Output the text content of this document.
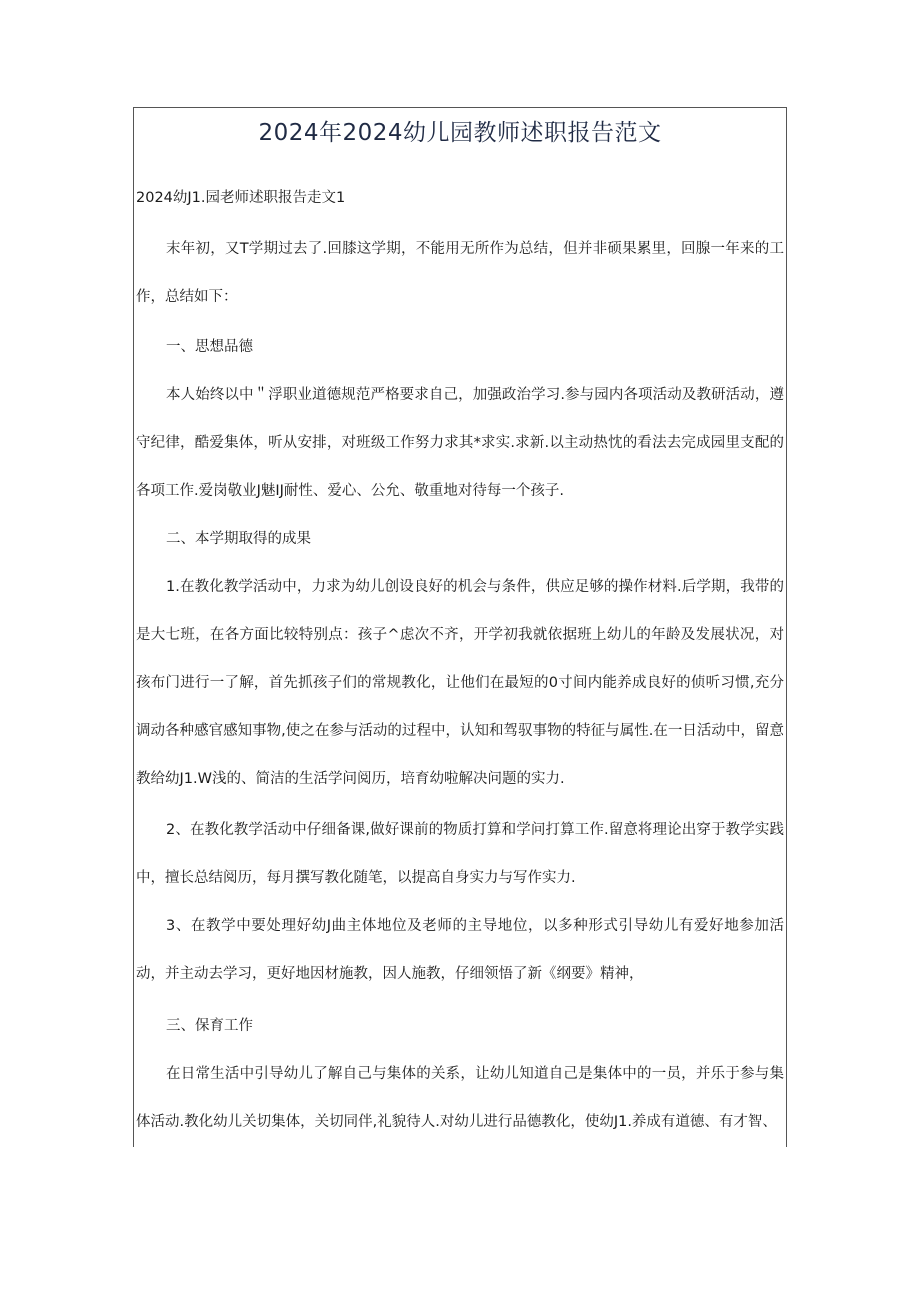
2024年2024幼儿园教师述职报告范文
2024幼J1.园老师述职报告走文1

末年初，又T学期过去了.回膝这学期，不能用无所作为总结，但并非硕果累里，回腺一年来的工作，总结如下：

一、思想品德

本人始终以中＂浮职业道德规范严格要求自己，加强政治学习.参与园内各项活动及教研活动，遵守纪律，酷爱集体，听从安排，对班级工作努力求其*求实.求新.以主动热忱的看法去完成园里支配的各项工作.爱岗敬业J魅IJ耐性、爱心、公允、敬重地对待每一个孩子.

二、本学期取得的成果

1.在教化教学活动中，力求为幼儿创设良好的机会与条件，供应足够的操作材料.后学期，我带的是大七班，在各方面比较特别点：孩子^虑次不齐，开学初我就依据班上幼儿的年龄及发展状况，对孩布门进行一了解，首先抓孩子们的常规教化，让他们在最短的0寸间内能养成良好的侦听习惯,充分调动各种感官感知事物,使之在参与活动的过程中，认知和驾驭事物的特征与属性.在一日活动中，留意教给幼J1.W浅的、简洁的生活学问阅历，培育幼啦解决问题的实力.

2、在教化教学活动中仔细备课,做好课前的物质打算和学问打算工作.留意将理论出穿于教学实践中，擅长总结阅历，每月撰写教化随笔，以提高自身实力与写作实力.

3、在教学中要处理好幼J曲主体地位及老师的主导地位，以多种形式引导幼儿有爱好地参加活动，并主动去学习，更好地因材施教，因人施教，仔细领悟了新《纲要》精神，

三、保育工作

在日常生活中引导幼儿了解自己与集体的关系，让幼儿知道自己是集体中的一员，并乐于参与集体活动.教化幼儿关切集体，关切同伴,礼貌待人.对幼儿进行品德教化，使幼J1.养成有道德、有才智、
